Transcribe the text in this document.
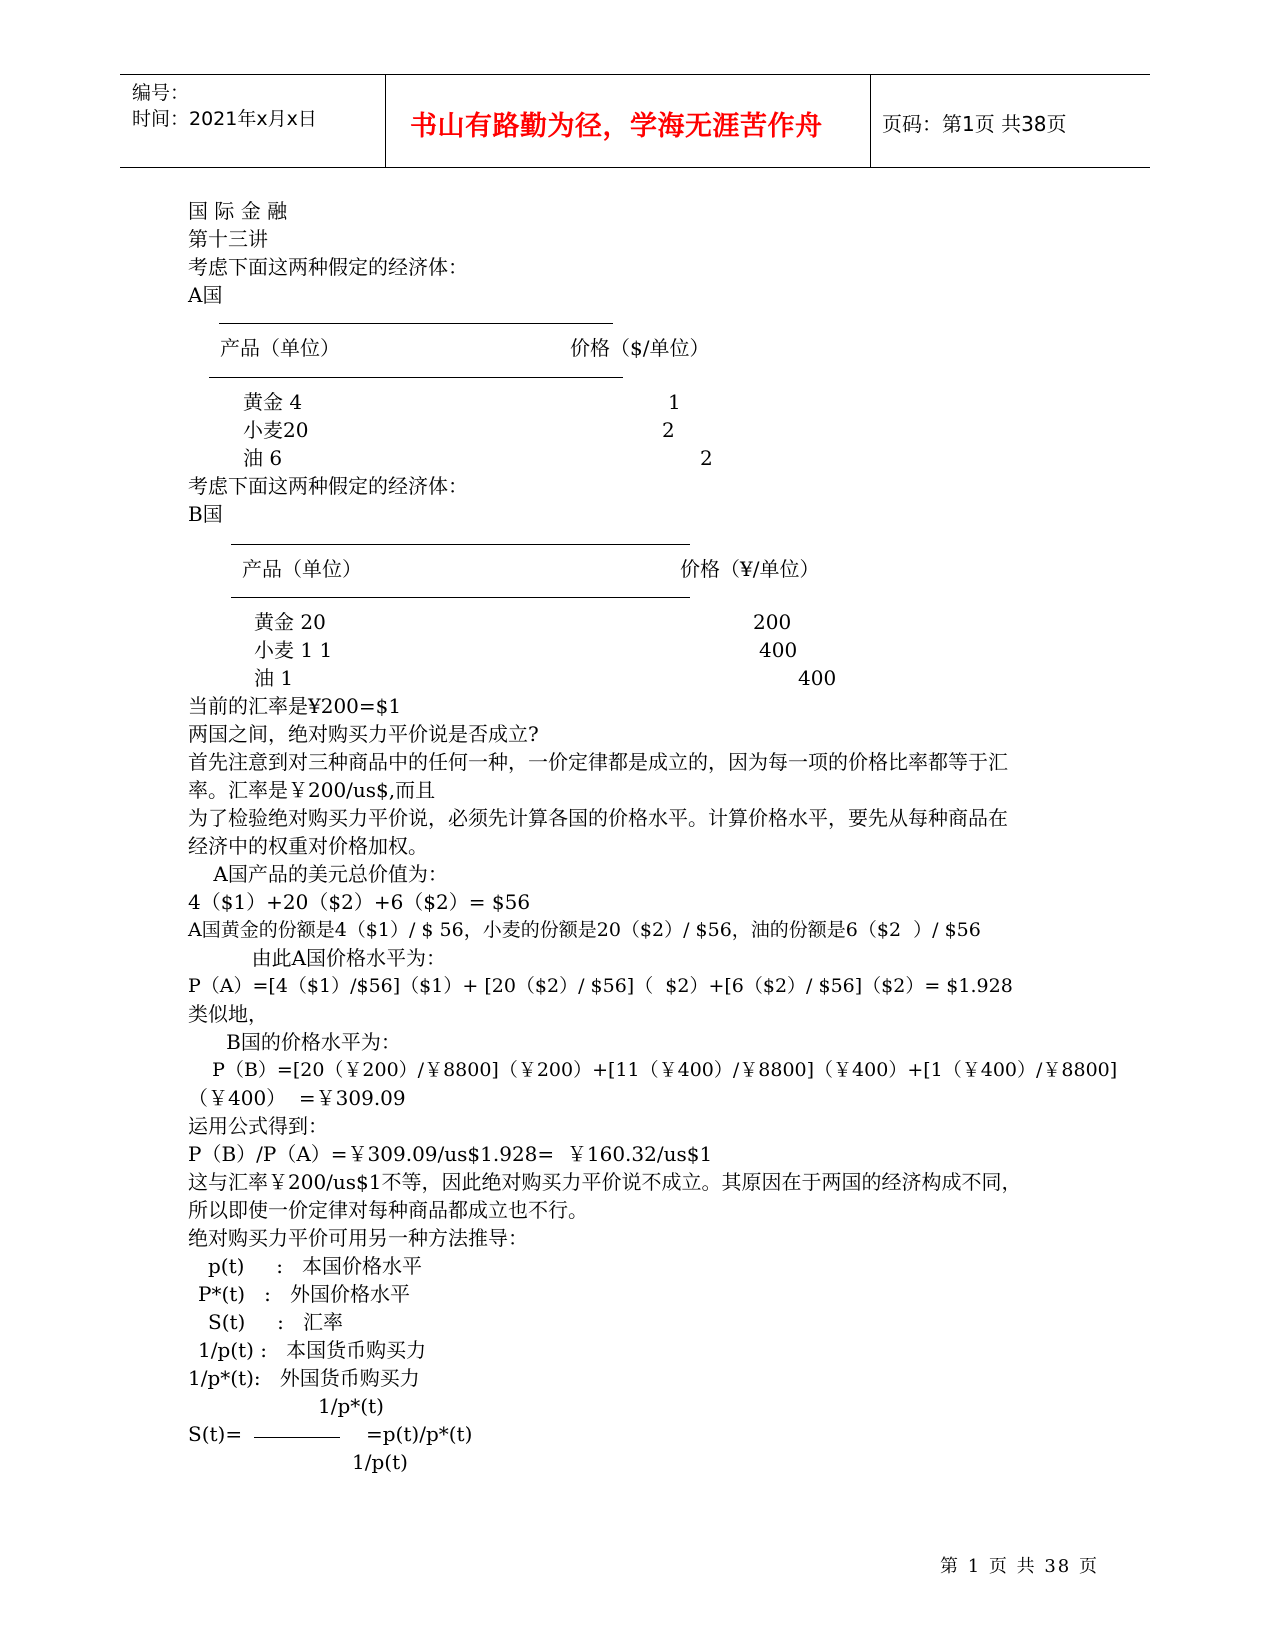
编号：
时间：2021年x月x日	书山有路勤为径，学海无涯苦作舟	页码：第1页 共38页
国 际 金 融
第十三讲
考虑下面这两种假定的经济体：
A国
产品（单位）	价格（$/单位）
黄金 4	1
小麦20	2
油 6	2
考虑下面这两种假定的经济体：
B国
产品（单位）	价格（¥/单位）
黄金 20	200
小麦 1 1	400
油 1	400
当前的汇率是¥200=$1
两国之间，绝对购买力平价说是否成立?
首先注意到对三种商品中的任何一种，一价定律都是成立的，因为每一项的价格比率都等于汇
率。汇率是￥200/us$,而且
为了检验绝对购买力平价说，必须先计算各国的价格水平。计算价格水平，要先从每种商品在
经济中的权重对价格加权。
A国产品的美元总价值为：
4（$1）+20（$2）+6（$2）= $56
A国黄金的份额是4（$1）/ $ 56，小麦的份额是20（$2）/ $56，油的份额是6（$2  ）/ $56
由此A国价格水平为：
P（A）=[4（$1）/$56]（$1）+ [20（$2）/ $56]（  $2）+[6（$2）/ $56]（$2）= $1.928
类似地，
B国的价格水平为：
P（B）=[20（￥200）/￥8800]（￥200）+[11（￥400）/￥8800]（￥400）+[1（￥400）/￥8800]
（￥400）  =￥309.09
运用公式得到：
P（B）/P（A）=￥309.09/us$1.928=  ￥160.32/us$1
这与汇率￥200/us$1不等，因此绝对购买力平价说不成立。其原因在于两国的经济构成不同，
所以即使一价定律对每种商品都成立也不行。
绝对购买力平价可用另一种方法推导：
p(t)     :   本国价格水平
P*(t)   :   外国价格水平
S(t)     :   汇率
1/p(t) :   本国货币购买力
1/p*(t):   外国货币购买力
1/p*(t)
S(t)=	=p(t)/p*(t)
1/p(t)
第 1 页 共 38 页
